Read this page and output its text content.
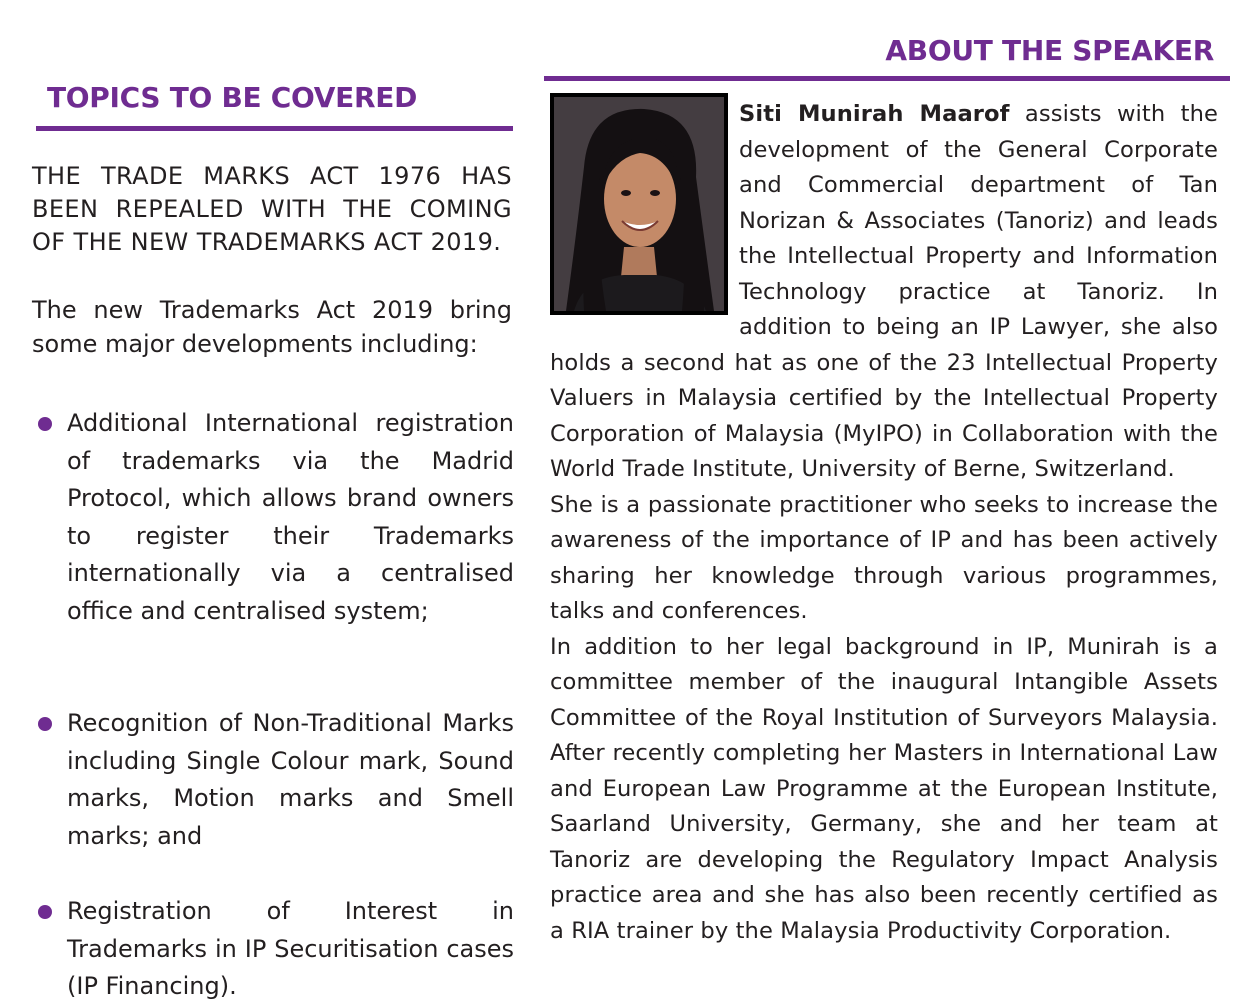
TOPICS TO BE COVERED
THE TRADE MARKS ACT 1976 HAS BEEN REPEALED WITH THE COMING OF THE NEW TRADEMARKS ACT 2019.
The new Trademarks Act 2019 bring some major developments including:
Additional International registration of trademarks via the Madrid Protocol, which allows brand owners to register their Trademarks internationally via a centralised office and centralised system;
Recognition of Non-Traditional Marks including Single Colour mark, Sound marks, Motion marks and Smell marks; and
Registration of Interest in Trademarks in IP Securitisation cases (IP Financing).
ABOUT THE SPEAKER

Siti Munirah Maarof assists with the development of the General Corporate and Commercial department of Tan Norizan & Associates (Tanoriz) and leads the Intellectual Property and Information Technology practice at Tanoriz. In addition to being an IP Lawyer, she also holds a second hat as one of the 23 Intellectual Property Valuers in Malaysia certified by the Intellectual Property Corporation of Malaysia (MyIPO) in Collaboration with the World Trade Institute, University of Berne, Switzerland.

She is a passionate practitioner who seeks to increase the awareness of the importance of IP and has been actively sharing her knowledge through various programmes, talks and conferences.

In addition to her legal background in IP, Munirah is a committee member of the inaugural Intangible Assets Committee of the Royal Institution of Surveyors Malaysia. After recently completing her Masters in International Law and European Law Programme at the European Institute, Saarland University, Germany, she and her team at Tanoriz are developing the Regulatory Impact Analysis practice area and she has also been recently certified as a RIA trainer by the Malaysia Productivity Corporation.
